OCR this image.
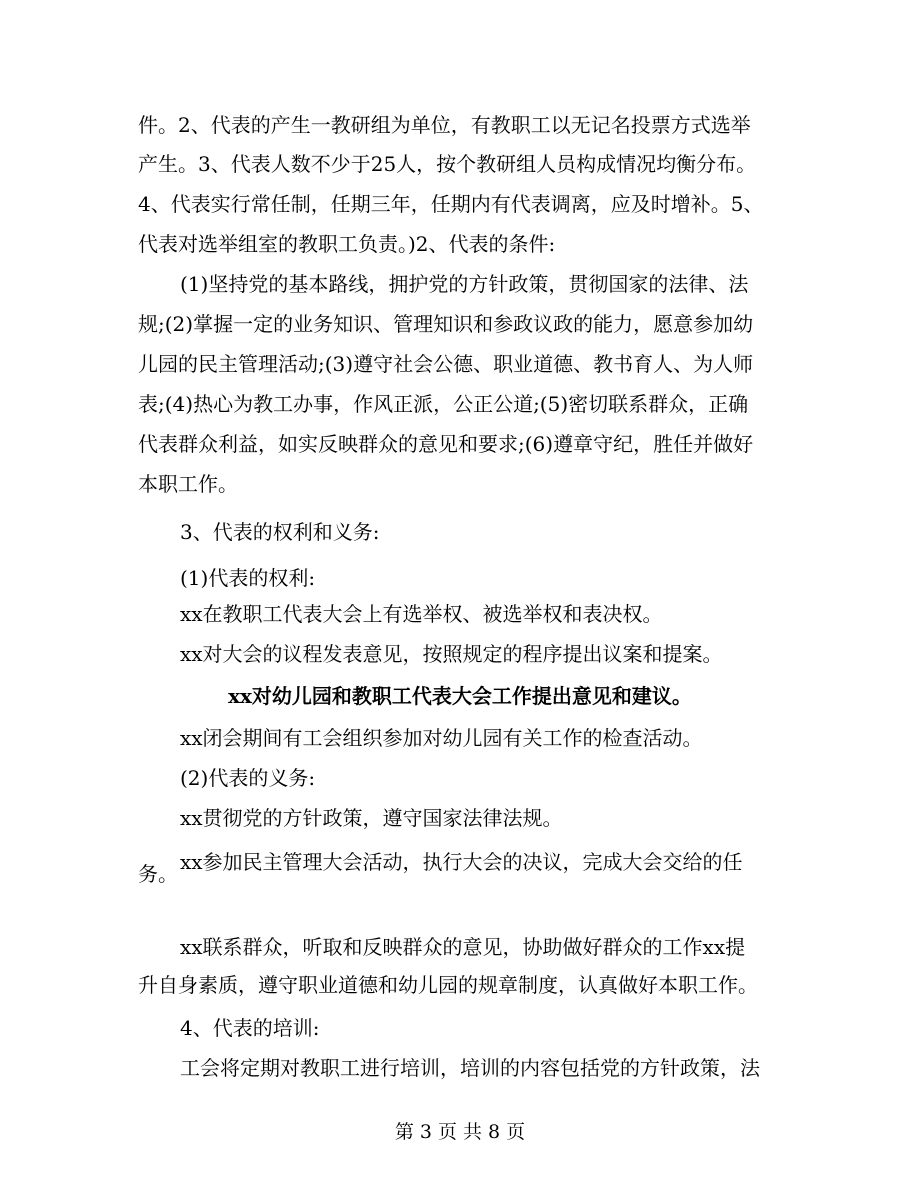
件。2、代表的产生一教研组为单位，有教职工以无记名投票方式选举
产生。3、代表人数不少于25人，按个教研组人员构成情况均衡分布。
4、代表实行常任制，任期三年，任期内有代表调离，应及时增补。5、
代表对选举组室的教职工负责。)2、代表的条件:
(1)坚持党的基本路线，拥护党的方针政策，贯彻国家的法律、法
规;(2)掌握一定的业务知识、管理知识和参政议政的能力，愿意参加幼
儿园的民主管理活动;(3)遵守社会公德、职业道德、教书育人、为人师
表;(4)热心为教工办事，作风正派，公正公道;(5)密切联系群众，正确
代表群众利益，如实反映群众的意见和要求;(6)遵章守纪，胜任并做好
本职工作。
3、代表的权利和义务:
(1)代表的权利:
xx在教职工代表大会上有选举权、被选举权和表决权。
xx对大会的议程发表意见，按照规定的程序提出议案和提案。
xx对幼儿园和教职工代表大会工作提出意见和建议。
xx闭会期间有工会组织参加对幼儿园有关工作的检查活动。
(2)代表的义务:
xx贯彻党的方针政策，遵守国家法律法规。
xx参加民主管理大会活动，执行大会的决议，完成大会交给的任
务。
xx联系群众，听取和反映群众的意见，协助做好群众的工作xx提
升自身素质，遵守职业道德和幼儿园的规章制度，认真做好本职工作。
4、代表的培训:
工会将定期对教职工进行培训，培训的内容包括党的方针政策，法
第 3 页 共 8 页
